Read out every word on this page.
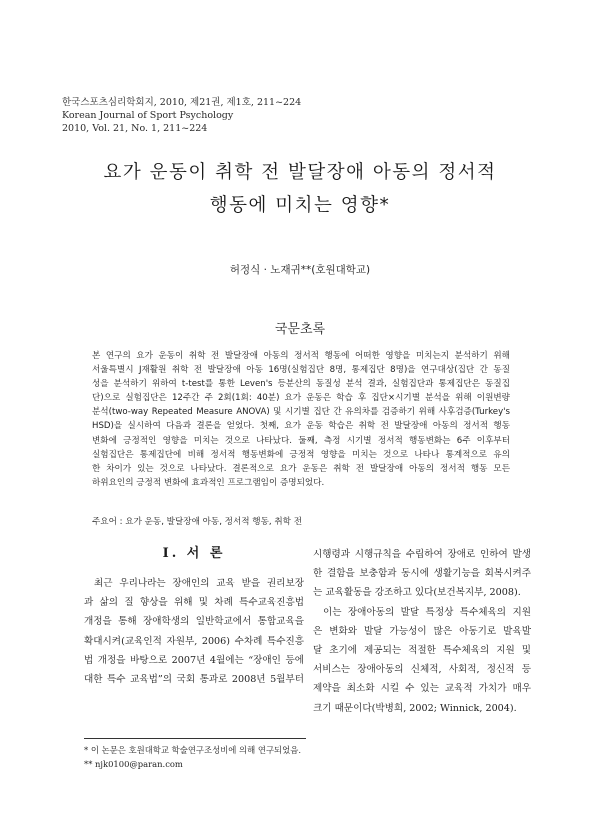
한국스포츠심리학회지, 2010, 제21권, 제1호, 211~224
Korean Journal of Sport Psychology
2010, Vol. 21, No. 1, 211~224
요가 운동이 취학 전 발달장애 아동의 정서적
행동에 미치는 영향*
허정식 · 노재귀**(호원대학교)
국문초록
본 연구의 요가 운동이 취학 전 발달장애 아동의 정서적 행동에 어떠한 영향을 미치는지 분석하기 위해
서울특별시 J재활원 취학 전 발달장애 아동 16명(실험집단 8명, 통제집단 8명)을 연구대상(집단 간 동질
성을 분석하기 위하여 t-test를 통한 Leven's 등분산의 동질성 분석 결과, 실험집단과 통제집단은 동질집
단)으로 실험집단은 12주간 주 2회(1회: 40분) 요가 운동은 학습 후 집단×시기별 분석을 위해 이원변량
분석(two-way Repeated Measure ANOVA) 및 시기별 집단 간 유의차를 검증하기 위해 사후검증(Turkey's
HSD)을 실시하여 다음과 결론을 얻었다. 첫째, 요가 운동 학습은 취학 전 발달장애 아동의 정서적 행동
변화에 긍정적인 영향을 미치는 것으로 나타났다. 둘째, 측정 시기별 정서적 행동변화는 6주 이후부터
실험집단은 통제집단에 비해 정서적 행동변화에 긍정적 영향을 미치는 것으로 나타나 통계적으로 유의
한 차이가 있는 것으로 나타났다. 결론적으로 요가 운동은 취학 전 발달장애 아동의 정서적 행동 모든
하위요인의 긍정적 변화에 효과적인 프로그램임이 증명되었다.
주요어 : 요가 운동, 발달장애 아동, 정서적 행동, 취학 전
I. 서 론
최근 우리나라는 장애인의 교육 받을 권리보장
과 삶의 질 향상을 위해 및 차례 특수교육진흥법
개정을 통해 장애학생의 일반학교에서 통합교육을
확대시켜(교육인적 자원부, 2006) 수차례 특수진흥
법 개정을 바탕으로 2007년 4월에는 “장애인 등에
대한 특수 교육법”의 국회 통과로 2008년 5월부터
시행령과 시행규칙을 수립하여 장애로 인하여 발생
한 결함을 보충함과 동시에 생활기능을 회복시켜주
는 교육활동을 강조하고 있다(보건복지부, 2008).
이는 장애아동의 발달 특정상 특수체육의 지원
은 변화와 발달 가능성이 많은 아동기로 발육발
달 초기에 제공되는 적절한 특수체육의 지원 및
서비스는 장애아동의 신체적, 사회적, 정신적 등
제약을 최소화 시킬 수 있는 교육적 가치가 매우
크기 때문이다(박병희, 2002; Winnick, 2004).
* 이 논문은 호원대학교 학술연구조성비에 의해 연구되었음.
** njk0100@paran.com
